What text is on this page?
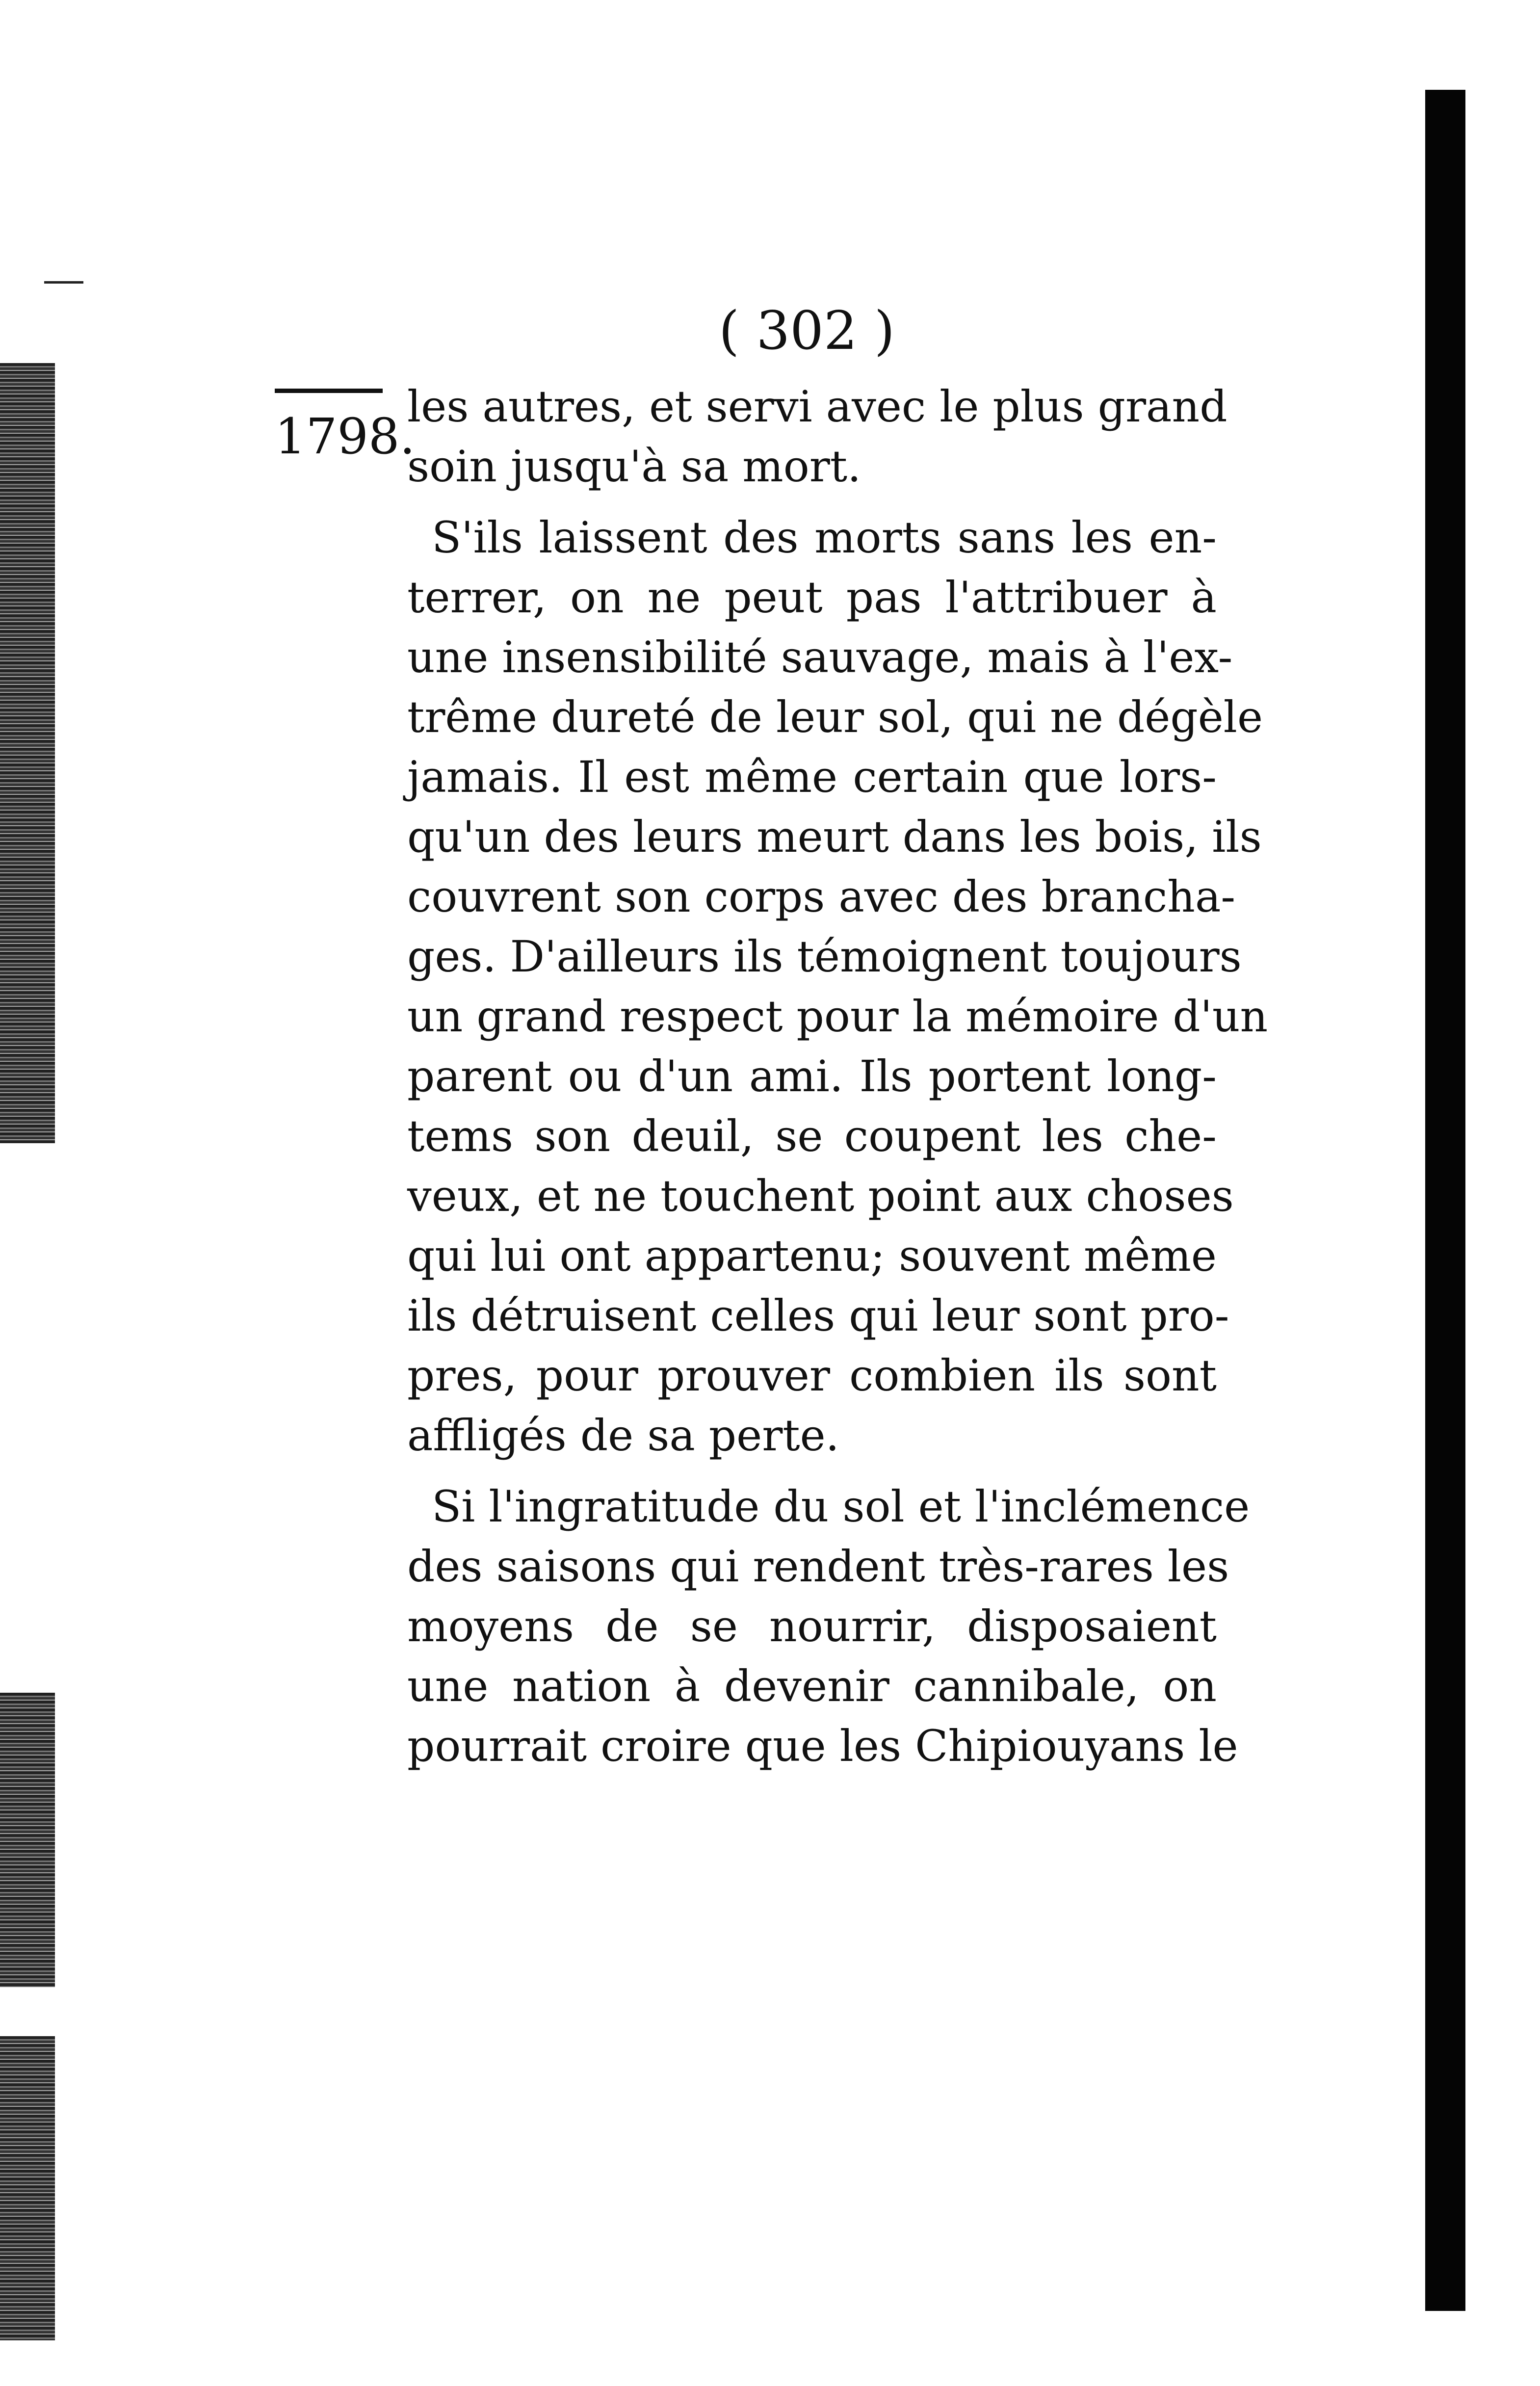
( 302 )
1798.
les autres, et servi avec le plus grand
soin jusqu'à sa mort.
S'ils laissent des morts sans les en-
terrer, on ne peut pas l'attribuer à
une insensibilité sauvage, mais à l'ex-
trême dureté de leur sol, qui ne dégèle
jamais. Il est même certain que lors-
qu'un des leurs meurt dans les bois, ils
couvrent son corps avec des brancha-
ges. D'ailleurs ils témoignent toujours
un grand respect pour la mémoire d'un
parent ou d'un ami. Ils portent long-
tems son deuil, se coupent les che-
veux, et ne touchent point aux choses
qui lui ont appartenu; souvent même
ils détruisent celles qui leur sont pro-
pres, pour prouver combien ils sont
affligés de sa perte.
Si l'ingratitude du sol et l'inclémence
des saisons qui rendent très-rares les
moyens de se nourrir, disposaient
une nation à devenir cannibale, on
pourrait croire que les Chipiouyans le
